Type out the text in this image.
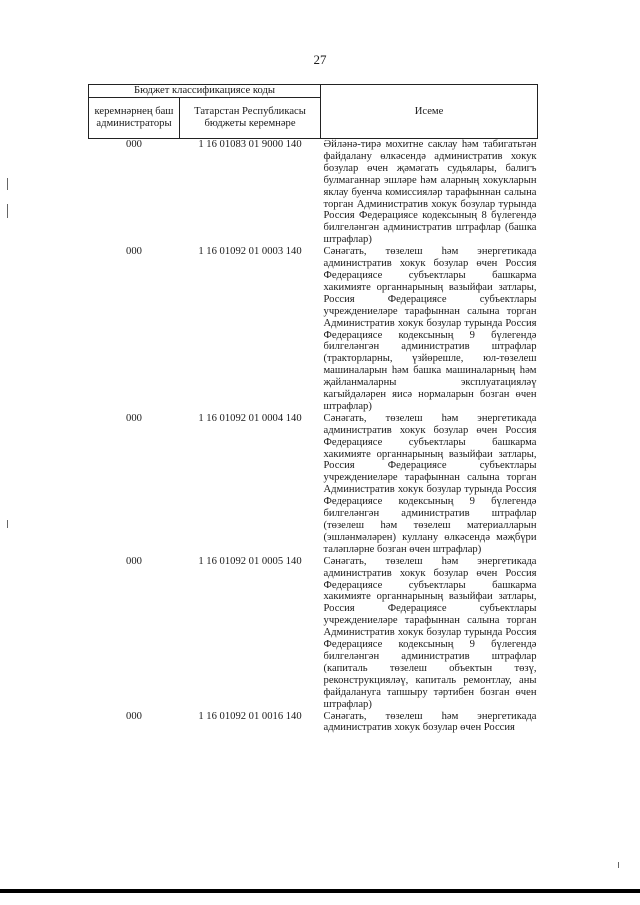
27
Бюджет классификациясе коды		Исеме
керемнәрнең баш администраторы	Татарстан Республикасы бюджеты керемнәре	
000	1 16 01083 01 9000 140	Әйләнә-тирә мохитне саклау һәм табигатьтән файдалану өлкәсендә административ хокук бозулар өчен җәмәгать судьялары, балигъ булмаганнар эшләре һәм аларның хокукларын яклау буенча комиссияләр тарафыннан салына торган Административ хокук бозулар турында Россия Федерациясе кодексының 8 бүлегендә билгеләнгән административ штрафлар (башка штрафлар)
000	1 16 01092 01 0003 140	Сәнәгать, төзелеш һәм энергетикада административ хокук бозулар өчен Россия Федерациясе субъектлары башкарма хакимияте органнарының вазыйфаи затлары, Россия Федерациясе субъектлары учреждениеләре тарафыннан салына торган Административ хокук бозулар турында Россия Федерациясе кодексының 9 бүлегендә билгеләнгән административ штрафлар (тракторларны, үзйөрешле, юл-төзелеш машиналарын һәм башка машиналарның һәм җайланмаларны эксплуатацияләү кагыйдәләрен яисә нормаларын бозган өчен штрафлар)
000	1 16 01092 01 0004 140	Сәнәгать, төзелеш һәм энергетикада административ хокук бозулар өчен Россия Федерациясе субъектлары башкарма хакимияте органнарының вазыйфаи затлары, Россия Федерациясе субъектлары учреждениеләре тарафыннан салына торган Административ хокук бозулар турында Россия Федерациясе кодексының 9 бүлегендә билгеләнгән административ штрафлар (төзелеш һәм төзелеш материалларын (эшләнмәләрен) куллану өлкәсендә мәҗбүри таләпләрне бозган өчен штрафлар)
000	1 16 01092 01 0005 140	Сәнәгать, төзелеш һәм энергетикада административ хокук бозулар өчен Россия Федерациясе субъектлары башкарма хакимияте органнарының вазыйфаи затлары, Россия Федерациясе субъектлары учреждениеләре тарафыннан салына торган Административ хокук бозулар турында Россия Федерациясе кодексының 9 бүлегендә билгеләнгән административ штрафлар (капиталь төзелеш объектын төзү, реконструкцияләү, капиталь ремонтлау, аны файдалануга тапшыру тәртибен бозган өчен штрафлар)
000	1 16 01092 01 0016 140	Сәнәгать, төзелеш һәм энергетикада административ хокук бозулар өчен Россия
